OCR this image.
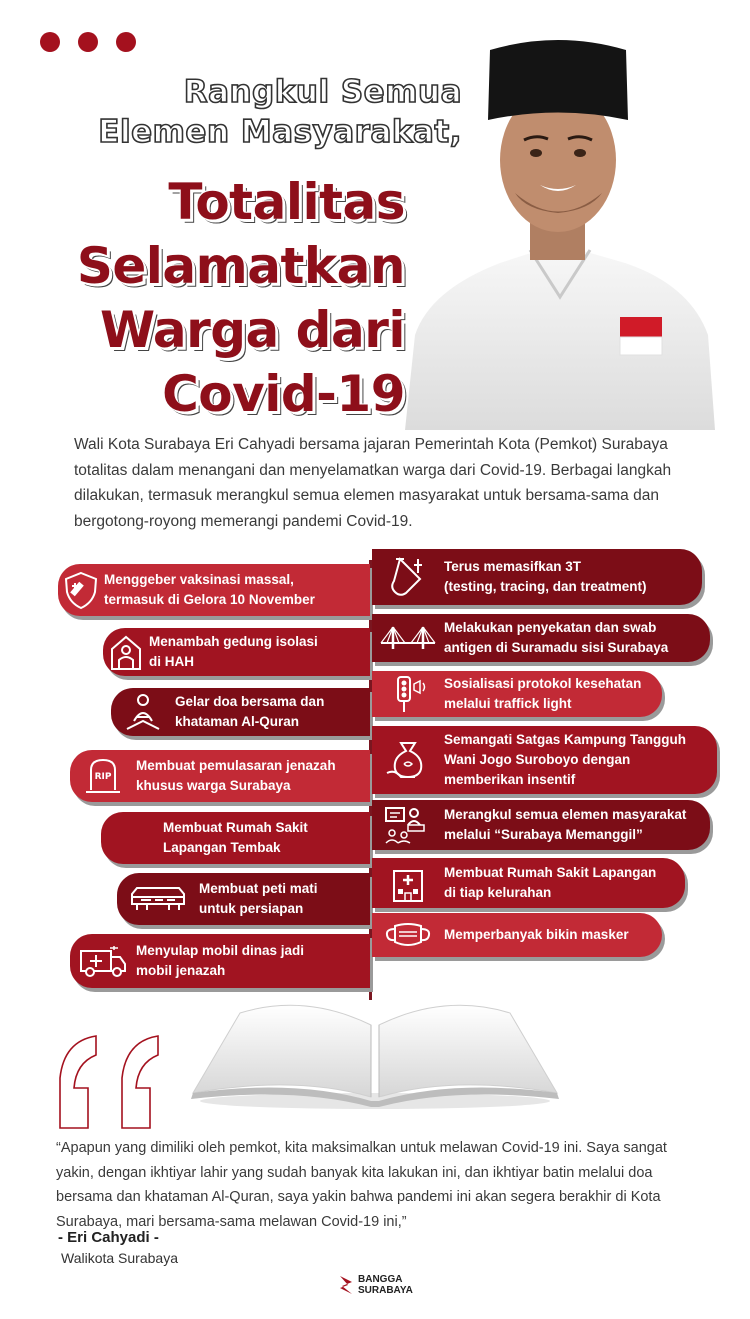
Rangkul Semua
Elemen Masyarakat,
Totalitas
Selamatkan
Warga dari
Covid-19

Wali Kota Surabaya Eri Cahyadi bersama jajaran Pemerintah Kota (Pemkot) Surabaya totalitas dalam menangani dan menyelamatkan warga dari Covid-19. Berbagai langkah dilakukan, termasuk merangkul semua elemen masyarakat untuk bersama-sama dan bergotong-royong memerangi pandemi Covid-19.

Menggeber vaksinasi massal,
termasuk di Gelora 10 November
Menambah gedung isolasi
di HAH
Gelar doa bersama dan
khataman Al-Quran
RIP
Membuat pemulasaran jenazah
khusus warga Surabaya
Membuat Rumah Sakit
Lapangan Tembak
Membuat peti mati
untuk persiapan
Menyulap mobil dinas jadi
mobil jenazah
Terus memasifkan 3T
(testing, tracing, dan treatment)
Melakukan penyekatan dan swab
antigen di Suramadu sisi Surabaya
Sosialisasi protokol kesehatan
melalui traffick light
Semangati Satgas Kampung Tangguh
Wani Jogo Suroboyo dengan
memberikan insentif
Merangkul semua elemen masyarakat
melalui “Surabaya Memanggil”
Membuat Rumah Sakit Lapangan
di tiap kelurahan
Memperbanyak bikin masker

“Apapun yang dimiliki oleh pemkot, kita maksimalkan untuk melawan Covid-19 ini. Saya sangat yakin, dengan ikhtiyar lahir yang sudah banyak kita lakukan ini, dan ikhtiyar batin melalui doa bersama dan khataman Al-Quran, saya yakin bahwa pandemi ini akan segera berakhir di Kota Surabaya, mari bersama-sama melawan Covid-19 ini,”

- Eri Cahyadi -
Walikota Surabaya
BANGGA
SURABAYA
